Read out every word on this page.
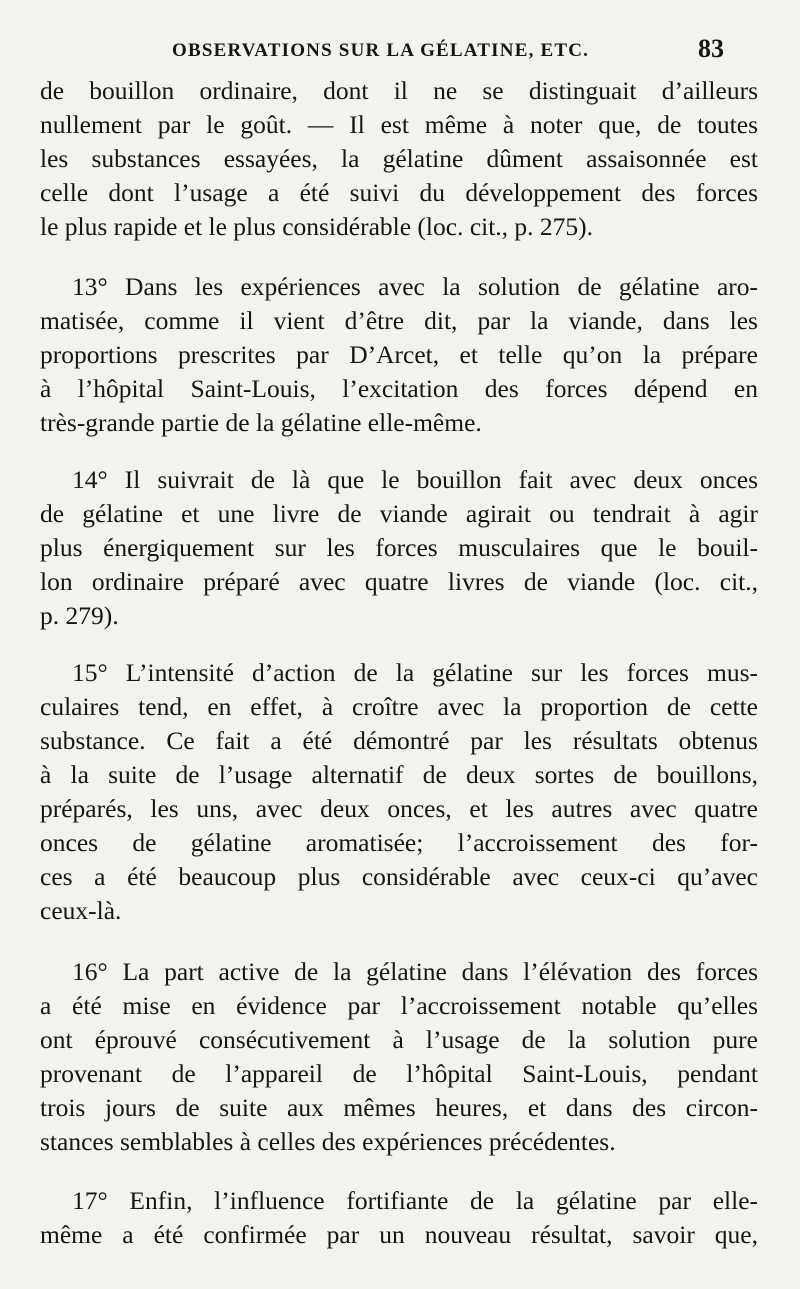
OBSERVATIONS SUR LA GÉLATINE, ETC.	83
de bouillon ordinaire, dont il ne se distinguait d’ailleurs
nullement par le goût. — Il est même à noter que, de toutes
les substances essayées, la gélatine dûment assaisonnée est
celle dont l’usage a été suivi du développement des forces
le plus rapide et le plus considérable (loc. cit., p. 275).
13° Dans les expériences avec la solution de gélatine aro-
matisée, comme il vient d’être dit, par la viande, dans les
proportions prescrites par D’Arcet, et telle qu’on la prépare
à l’hôpital Saint-Louis, l’excitation des forces dépend en
très-grande partie de la gélatine elle-même.
14° Il suivrait de là que le bouillon fait avec deux onces
de gélatine et une livre de viande agirait ou tendrait à agir
plus énergiquement sur les forces musculaires que le bouil-
lon ordinaire préparé avec quatre livres de viande (loc. cit.,
p. 279).
15° L’intensité d’action de la gélatine sur les forces mus-
culaires tend, en effet, à croître avec la proportion de cette
substance. Ce fait a été démontré par les résultats obtenus
à la suite de l’usage alternatif de deux sortes de bouillons,
préparés, les uns, avec deux onces, et les autres avec quatre
onces de gélatine aromatisée; l’accroissement des for-
ces a été beaucoup plus considérable avec ceux-ci qu’avec
ceux-là.
16° La part active de la gélatine dans l’élévation des forces
a été mise en évidence par l’accroissement notable qu’elles
ont éprouvé consécutivement à l’usage de la solution pure
provenant de l’appareil de l’hôpital Saint-Louis, pendant
trois jours de suite aux mêmes heures, et dans des circon-
stances semblables à celles des expériences précédentes.
17° Enfin, l’influence fortifiante de la gélatine par elle-
même a été confirmée par un nouveau résultat, savoir que,
